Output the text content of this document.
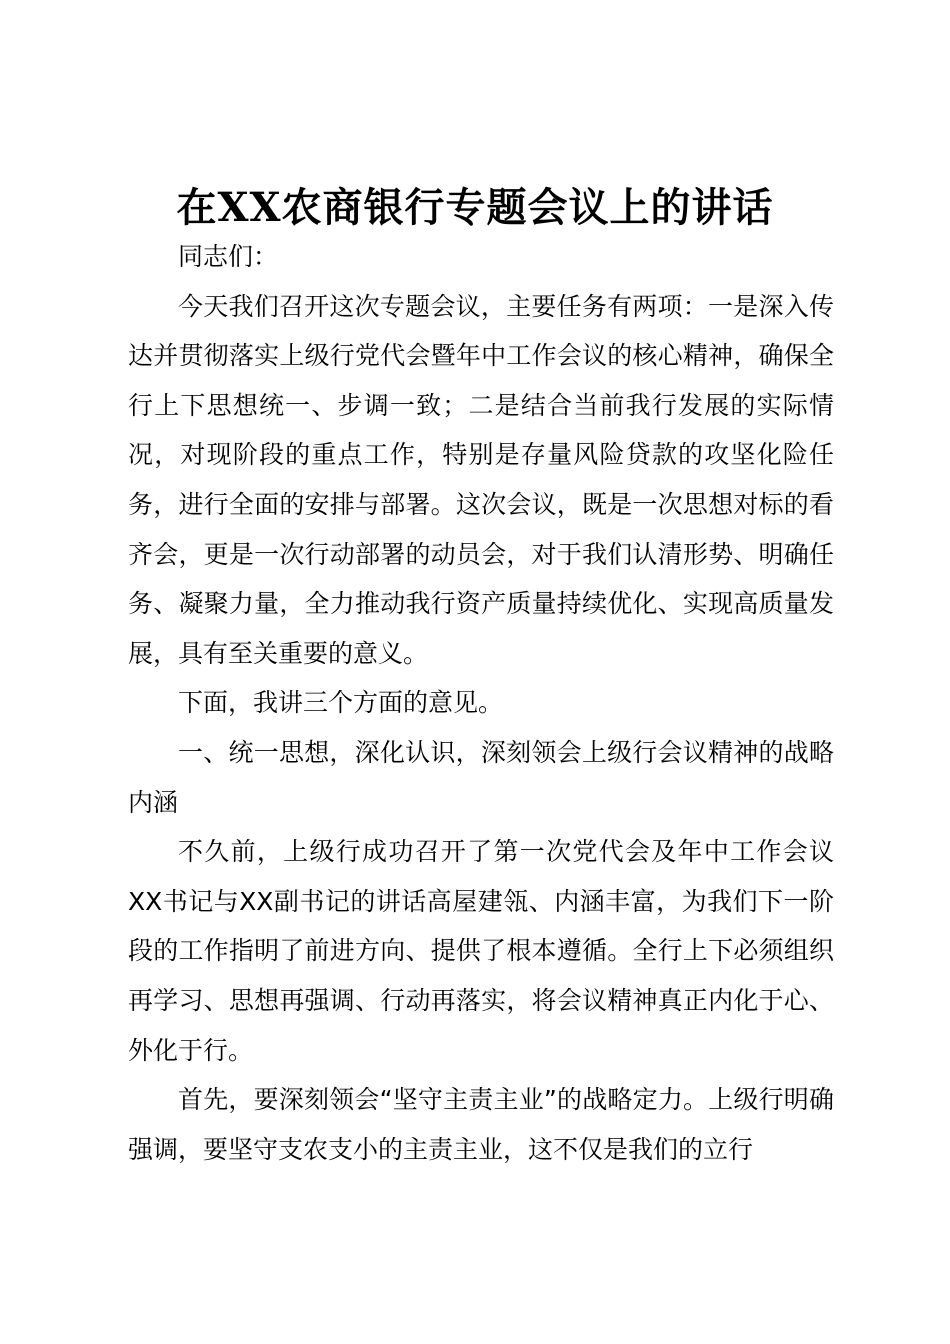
在XX农商银行专题会议上的讲话

同志们：

今天我们召开这次专题会议，主要任务有两项：一是深入传达并贯彻落实上级行党代会暨年中工作会议的核心精神，确保全行上下思想统一、步调一致；二是结合当前我行发展的实际情况，对现阶段的重点工作，特别是存量风险贷款的攻坚化险任务，进行全面的安排与部署。这次会议，既是一次思想对标的看齐会，更是一次行动部署的动员会，对于我们认清形势、明确任务、凝聚力量，全力推动我行资产质量持续优化、实现高质量发展，具有至关重要的意义。

下面，我讲三个方面的意见。

一、统一思想，深化认识，深刻领会上级行会议精神的战略内涵

不久前，上级行成功召开了第一次党代会及年中工作会议XX书记与XX副书记的讲话高屋建瓴、内涵丰富，为我们下一阶段的工作指明了前进方向、提供了根本遵循。全行上下必须组织再学习、思想再强调、行动再落实，将会议精神真正内化于心、外化于行。

首先，要深刻领会“坚守主责主业”的战略定力。上级行明确强调，要坚守支农支小的主责主业，这不仅是我们的立行
